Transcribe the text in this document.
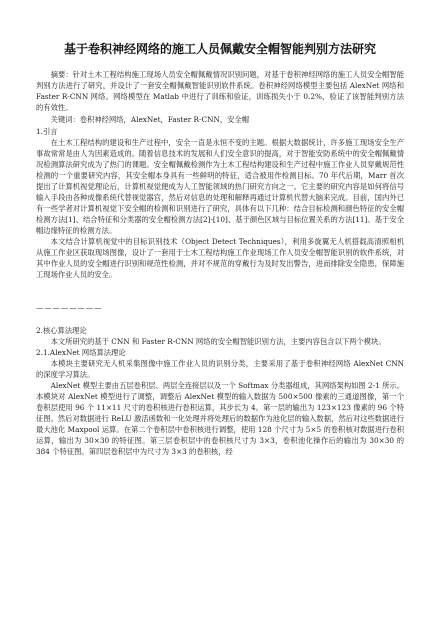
基于卷积神经网络的施工人员佩戴安全帽智能判别方法研究

摘要：针对土木工程结构施工现场人员安全帽佩戴情况识别问题，对基于卷积神经网络的施工人员安全帽智能判别方法进行了研究，并设计了一套安全帽佩戴智能识别软件系统。卷积神经网络模型主要包括 AlexNet 网络和 Faster R-CNN 网络。网络模型在 Matlab 中进行了训练和验证，训练损失小于 0.2%，验证了该智能判别方法的有效性。

关键词：卷积神经网络，AlexNet，Faster R-CNN，安全帽

1.引言

在土木工程结构的建设和生产过程中，安全一直是永恒不变的主题。根据大数据统计，许多施工现场安全生产事故常常是由人为因素造成的。随着信息技术的发展和人们安全意识的提高，对于智能安防系统中的安全帽佩戴情况检测算法研究成为了热门的课题。安全帽佩戴检测作为土木工程结构建设和生产过程中施工作业人员穿戴规范性检测的一个重要研究内容，其安全帽本身具有一些鲜明的特征，适合被用作检测目标。70 年代后期，Marr 首次提出了计算机视觉理论后，计算机视觉便成为人工智能领域的热门研究方向之一。它主要的研究内容是如何将信号输入手段由各种成像系统代替视觉器官，然后对信息的处理和解释再通过计算机代替大脑来完成。目前，国内外已有一些学者对计算机视觉下安全帽的检测和识别进行了研究，具体有以下几种：结合目标检测和颜色特征的安全帽检测方法[1]、结合特征和分类器的安全帽检测方法[2]-[10]、基于颜色区域与目标位置关系的方法[11]、基于安全帽边缘特征的检测方法。

本文结合计算机视觉中的目标识别技术（Object Detect Techniques），利用多旋翼无人机搭载高清照相机从施工作业区获取现场图像，设计了一套用于土木工程结构施工作业现场工作人员安全帽智能识别的软件系统，对其中作业人员的安全帽进行识别和规范性检测，并对不规范的穿戴行为及时发出警告，进而排除安全隐患，保障施工现场作业人员的安全。

————————

2.核心算法理论

本文所研究的基于 CNN 和 Faster R-CNN 网络的安全帽智能识别方法，主要内容包含以下两个模块。

2.1.AlexNet 网络算法理论

本模块主要研究无人机采集图像中施工作业人员的识别分类，主要采用了基于卷积神经网络 AlexNet CNN 的深度学习算法。

AlexNet 模型主要由五层卷积层、两层全连接层以及一个 Softmax 分类器组成，其网络架构如图 2-1 所示。本模块对 AlexNet 模型进行了调整，调整后 AlexNet 模型的输入数据为 500×500 像素的三通道图像，第一个卷积层使用 96 个 11×11 尺寸的卷积核进行卷积运算，其步长为 4。第一层的输出为 123×123 像素的 96 个特征图。然后对数据进行 ReLU 激活函数和一化处理并将处理后的数据作为池化层的输入数据，然后对这些数据进行最大池化 Maxpool 运算。在第二个卷积层中卷积核进行调整，使用 128 个尺寸为 5×5 的卷积核对数据进行卷积运算，输出为 30×30 的特征图。第三层卷积层中的卷积核尺寸为 3×3，卷积池化操作后的输出为 30×30 的 384 个特征图。第四层卷积层中为尺寸为 3×3 的卷积核，经
